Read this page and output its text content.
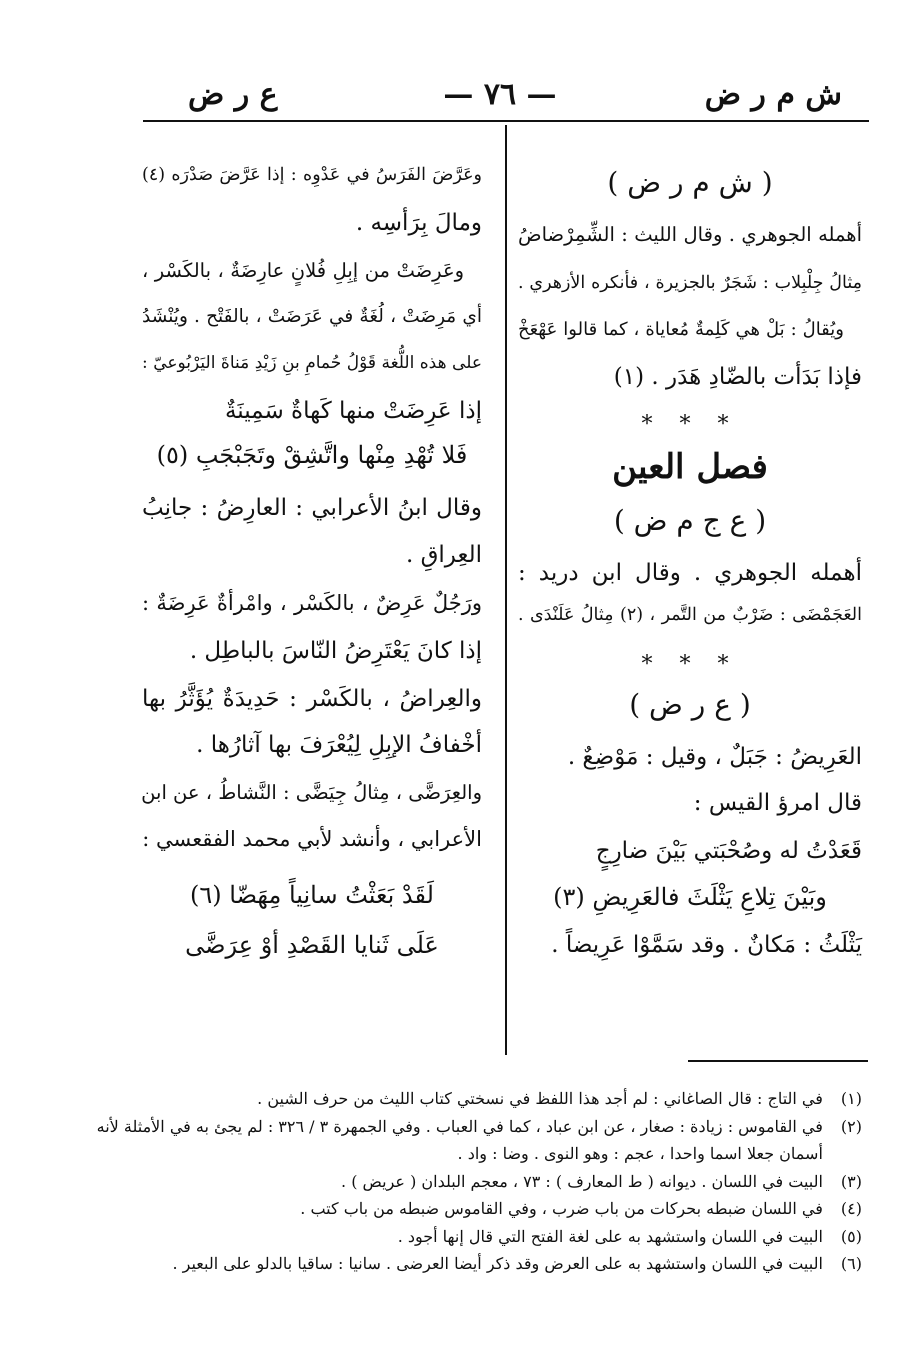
ش م ر ض
— ٧٦ —
ع ر ض
( ش م ر ض )
أهمله الجوهري . وقال الليث : الشِّمِرْضاضُ
مِثالُ جِلْبِلاب : شَجَرٌ بالجزيرة ، فأنكره الأزهري .
ويُقالُ : بَلْ هي كَلِمةٌ مُعاياة ، كما قالوا عَهْعَخْ
فإذا بَدَأت بالضّادِ هَدَر . (١)
* * *
فصل العين
( ع ج م ض )
أهمله الجوهري . وقال ابن دريد :
العَجَمْضَى : ضَرْبٌ من التَّمر ، (٢) مِثالُ عَلَنْدَى .
* * *
( ع ر ض )
العَرِيضُ : جَبَلٌ ، وقيل : مَوْضِعٌ .
قال امرؤ القيس :
قَعَدْتُ له وصُحْبَتي بَيْنَ ضارِجٍ
وبَيْنَ تِلاعِ يَثْلَثَ فالعَرِيضِ (٣)
يَثْلَثُ : مَكانٌ . وقد سَمَّوْا عَرِيضاً .
وعَرَّضَ الفَرَسُ في عَدْوِه : إذا عَرَّضَ صَدْرَه (٤)
ومالَ بِرَأسِه .
وعَرِضَتْ من إبِلِ فُلانٍ عارِضَةٌ ، بالكَسْر ،
أي مَرِضَتْ ، لُغَةٌ في عَرَضَتْ ، بالفَتْح . ويُنْشَدُ
على هذه اللُّغة قَوْلُ حُمامِ بنِ زَيْدِ مَناةَ اليَرْبُوعيّ :
إذا عَرِضَتْ منها كَهاةٌ سَمِينَةٌ
فَلا تُهْدِ مِنْها واتَّشِقْ وتَجَبْجَبِ (٥)
وقال ابنُ الأعرابي : العارِضُ : جانِبُ
العِراقِ .
ورَجُلٌ عَرِضٌ ، بالكَسْر ، وامْرأةٌ عَرِضَةٌ :
إذا كانَ يَعْتَرِضُ النّاسَ بالباطِل .
والعِراضُ ، بالكَسْر : حَدِيدَةٌ يُؤَثَّرُ بها
أخْفافُ الإبِلِ لِيُعْرَفَ بها آثارُها .
والعِرَضَّى ، مِثالُ جِيَضَّى : النَّشاطُ ، عن ابن
الأعرابي ، وأنشد لأبي محمد الفقعسي :
لَقَدْ بَعَثْتُ سانِياً مِهَضّا (٦)
عَلَى ثَنايا القَصْدِ أوْ عِرَضَّى
(١) في التاج : قال الصاغاني : لم أجد هذا اللفظ في نسختي كتاب الليث من حرف الشين .
(٢) في القاموس : زيادة : صغار ، عن ابن عباد ، كما في العباب . وفي الجمهرة ٣ / ٣٢٦ : لم يجئ به في الأمثلة لأنه
أسمان جعلا اسما واحدا ، عجم : وهو النوى . وضا : واد .
(٣) البيت في اللسان . ديوانه ( ط المعارف ) : ٧٣ ، معجم البلدان ( عريض ) .
(٤) في اللسان ضبطه بحركات من باب ضرب ، وفي القاموس ضبطه من باب كتب .
(٥) البيت في اللسان واستشهد به على لغة الفتح التي قال إنها أجود .
(٦) البيت في اللسان واستشهد به على العرض وقد ذكر أيضا العرضى . سانيا : ساقيا بالدلو على البعير .
